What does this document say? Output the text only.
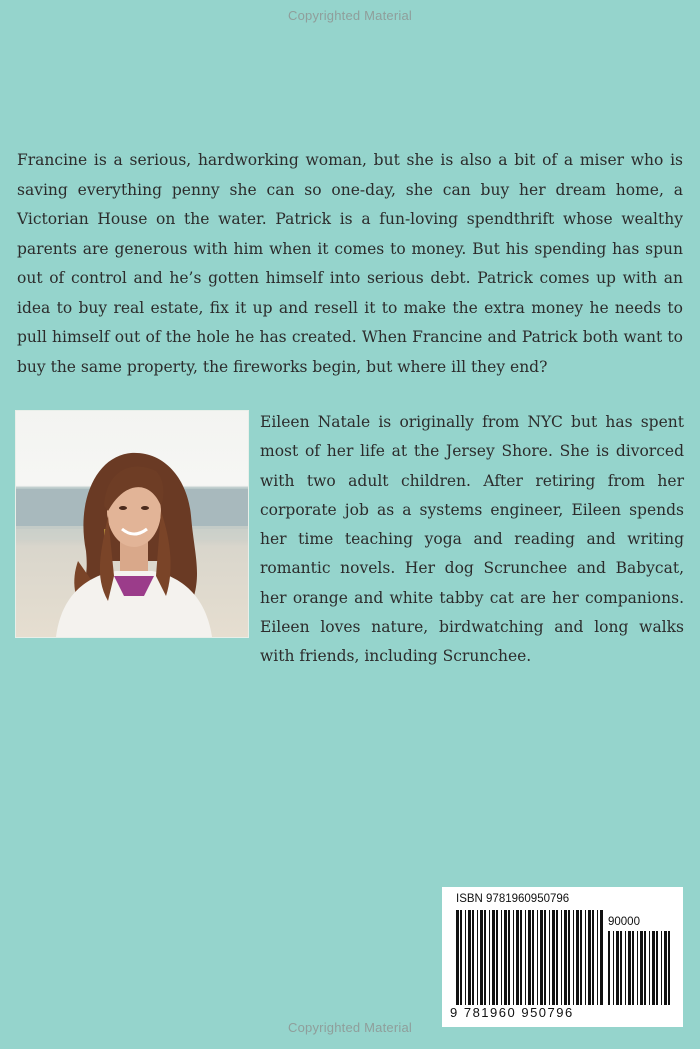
Copyrighted Material

Francine is a serious, hardworking woman, but she is also a bit of a miser who is saving everything penny she can so one-day, she can buy her dream home, a Victorian House on the water. Patrick is a fun-loving spendthrift whose wealthy parents are generous with him when it comes to money. But his spending has spun out of control and he’s gotten himself into serious debt. Patrick comes up with an idea to buy real estate, fix it up and resell it to make the extra money he needs to pull himself out of the hole he has created. When Francine and Patrick both want to buy the same property, the fireworks begin, but where ill they end?

Eileen Natale is originally from NYC but has spent most of her life at the Jersey Shore. She is divorced with two adult children. After retiring from her corporate job as a systems engineer, Eileen spends her time teaching yoga and reading and writing romantic novels. Her dog Scrunchee and Babycat, her orange and white tabby cat are her companions. Eileen loves nature, birdwatching and long walks with friends, including Scrunchee.

ISBN 9781960950796
90000
9 781960 950796
Copyrighted Material
